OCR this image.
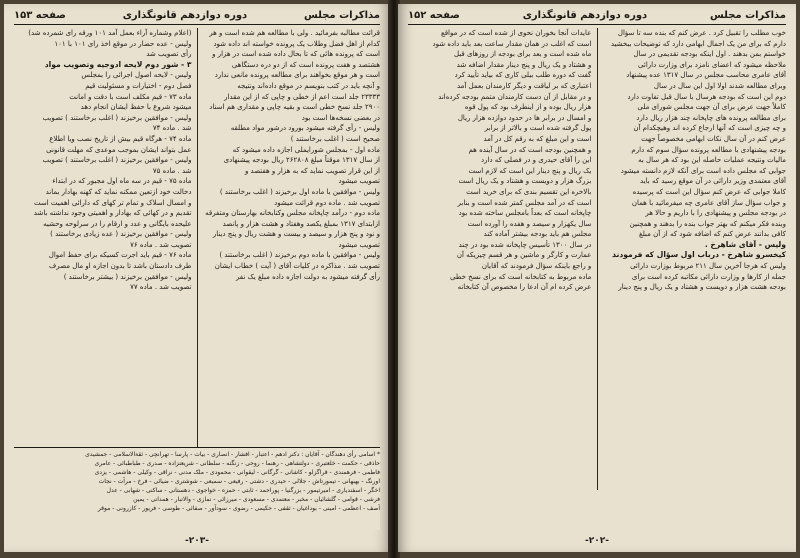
مذاکرات مجلس
دوره دوازدهم قانونگذاری
صفحه ۱۵۳
قرائت مطالبه بفرمائید . ولی با مطالعه هم شده است و هر
کدام از اهل فضل وطلاب یک پرونده خواسته اند داده شود
است که پرونده هائی که تا بحال داده شده است در هزار و
هشتصد و هفت پرونده است که از دو دره دستگاهی
است و هر موقع بخواهند برای مطالعه پرونده مانعی ندارد
و آنچه باید در کتب بنویسم در موقع داده‌اند ونتیجه
۲۳۳۳۳ جلد است اعم از خطی و چاپی که از این مقدار
۲۹۰۰ جلد نسخ خطی است و بقیه چاپی و مقداری هم اسناد
در بعضی نسخه‌ها است بود
ولیس - رأی گرفته میشود بورود درشور مواد مطلقه
صحیح است ( اغلب برخاستند )
ماده اول - بمجلس شورایملی اجازه داده میشود که
از سال ۱۳۱۷ موقتاً مبلغ ۲۶۲۸۰۸ ریال بودجه پیشنهادی
از این قرار تصویب نماید که به هزار و هفتصد و
تصویب میشود
ولیس - موافقین با ماده اول برخیزند ( اغلب برخاستند )
تصویب شد . ماده دوم قرائت میشود
ماده دوم - درآمد چاپخانه مجلس وکتابخانه بهارستان ومتفرقه
ازابتدای ۱۳۱۷ بمبلغ یکصد وهفتاد و هشت هزار و پانصد
و نود و پنج هزار و سیصد و بیست و هشت ریال و پنج دینار
تصویب میشود
ولیس - موافقین با ماده دوم برخیزند ( اغلب برخاستند )
تصویب شد . مذاکره در کلیات آقای ( آیت ) خطاب ایشان
رأی گرفته میشود به دولت اجازه داده مبلغ یک نفر
(اعلام وشماره آراء بعمل آمد ۱۰۱ ورقه رای شمرده شد)
ولیس - عده حضار در موقع اخذ رای ۱۰۱ با ۱۰۱
رأی تصویب شد
۳ - شور دوم لایحه ادوجیه وتصویب مواد
ولیس - لایحه اصول اجرائی را بمجلس
فصل دوم - اختیارات و مسئولیت قیم
ماده ۷۳ - قیم مکلف است با دقت و امانت
میشود شروع با حفظ ایشان انجام دهد
ولیس - موافقین برخیزند ( اغلب برخاستند ) تصویب
شد . ماده ۷۴
ماده ۷۴ - هرگاه قیم بیش از تاریخ نصب ویا اطلاع
عمل بتواند ایشان بموجب موعدی که مهلت قانونی
ولیس - موافقین برخیزند ( اغلب برخاستند ) تصویب
شد . ماده ۷۵
ماده ۷۵ - قیم در سه ماه اول مجبور که در ابتداء
دخالت خود ازتعین ممکنه نماید که کهنه بهادار بماند
و امسال اسلاک و تمام تر کهای که دارائی اهمیت است
تقدیم و در کهائی که بهادار و اهمیتی وجود نداشته باشد
علیحده بایگانی و عدد و ارقام را در سرلوحه وحشیه
ولیس - موافقین برخیزند ( عده زیادی برخاستند )
تصویب شد . ماده ۷۶
ماده ۷۶ - قیم باید اجرت کسیکه برای حفظ اموال
طرف دادستان باشد تا بدون اجازه او مال مصرف
ولیس - موافقین برخیزند ( بیشتر برخاستند )
تصویب شد . ماده ۷۷
* اسامی رأی دهندگان - آقایان : دکتر ادهم - اعتبار - افشار - انصاری - بیات - پارسا - تهرانچی - ثقةالاسلامی - جمشیدی
حاذقی - حکمت - خلعتبری - دولتشاهی - رهنما - روحی - زنگنه - سلطانی - شریعتزاده - صدری - طباطبائی - عامری
فاطمی - فرهمندی - قراگزلو - کاشانی - گرگانی - لیقوانی - محمودی - ملک مدنی - نراقی - وکیلی - هاشمی - یزدی
اورنگ - بهبهانی - تیمورتاش - جلالی - حیدری - دشتی - رفیعی - سمیعی - شوشتری - ضیائی - فرخ - مرآت - نجات
اخگر - اسفندیاری - امیرتیمور - بزرگنیا - پوراحمد - ثابتی - حمزه - خواجوی - دهستانی - ساکنی - شهابی - عدل
فرشی - قوامی - گلشائیان - مخبر - معتمدی - مسعودی - میرزائی - نمازی - والاتبار - همدانی - یمین
آصف - اعظمی - امینی - بوداغیان - ثقفی - حکیمی - رضوی - سودآور - صفائی - طوسی - فریور - کازرونی - موقر
-۲۰۳-
مذاکرات مجلس
دوره دوازدهم قانونگذاری
صفحه ۱۵۲
خوب مطلب را تقبیل کرد . عرض کنم که بنده سه تا سؤال
دارم که برای من یک اجمال ابهامی دارد که توضیحات ببخشید
خواستم بمن بدهند . اول اینکه بودجه تقدیمی در سال
ملاحظه میشود که اعضای نامزد برای وزارت دارائی
آقای عامری محاسب مجلس در سال ۱۳۱۷ عده پیشنهاد
وبرای مطالعه شدند اولا اول این سال در سال
دوم این است که بودجه هرسال با سال قبل تفاوت دارد
کاملاً جهت عرض برای آن جهت مجلس شورای ملی
برای مطالعه پرونده های چاپخانه چند هزار ریال دارد
و چه چیزی است که آنها ارجاع کرده اند وهیچکدام آن
عرض کنم در آن سال نکات ابهامی مخصوصاً جهت
بودجه پیشنهادی با مطالعه پرونده سؤال سوم که دارم
مالیات ونتیجه عملیات حاصله این بود که هر سال به
جوابی که مجلس داده است برای آنکه لازم دانسته میشود
آقای معتمدی وزیر دارائی در آن موقع رسید که باید
کاملا جوابی که عرض کنم سؤال این است که پرسیده
و جواب سؤال ساز آقای عامری چه میفرمائید با همان
در بودجه مجلس و پیشنهادی را با داریم و حالا هر
وبنده فکر میکنم که بهتر جواب بنده را بدهند و همچنین
کافی بدانند عرض کنم که اضافه شود که از آن مبلغ
ولیس - آقای شاهرخ .
کیخسرو شاهرخ - درباب اول سؤال که فرمودند
ولیس که هرجا آخرین سال ۲۱۱ مربوط بوزارت دارائی
جمله از کارها و وزارت دارائی مکاتبه کرده است برای
بودجه هشت هزار و دویست و هشتاد و یک ریال و پنج دینار
عایدات آنجا بخوران نحوی از شده است که در مواقع
است که اغلب در همان مقدار ساعت بعد باید داده شود
ماه شده است و بعد برای بودجه از روزهای قبل
و هشتاد و یک ریال و پنج دینار مقدار اضافه شد
گفت که دوره طلب بیلی کاری که بیاید تأیید کرد
اعتباری که بر لیاقت و دیگر کارمندان بعمل آمد
و در مقابل از آن دست کارمندان متمم بودجه کرده‌اند
هزار ریال بوده و از اینطرف بود که پول قوه
و امسال در برابر ها در حدود دوازده هزار ریال
پول گرفته شده است و بالاتر از برابر
است و این مبلغ که به رقم کل در آمد
و همچنین بودجه است که در سال آینده هم
این را آقای حیدری و در فصلی که دارد
یک ریال و پنج دینار این است که لازم است
بزرگ هزار و دویست و هشتاد و یک ریال است
بالاخره این تقسیم بندی که برای خرید است
است که در آمد مجلس کمتر شده است و بنابر
چاپخانه است که بعداً بامجلس ساخته شده بود
سال یکهزار و سیصد و هفده را آورده است
مجلس هم باید بودجه بیشتر آماده کند
در سال ۱۳۰۰ تأسیس چاپخانه شده بود در چند
عمارت و کارگر و ماشین و هر قسم چیزیکه آن
و راجع باینکه سؤال فرمودند که آقایان
ماده مربوط به کتابخانه است که برای نسخ خطی
عرض کرده ام آن ادعا را مخصوص آن کتابخانه
-۲۰۲-
